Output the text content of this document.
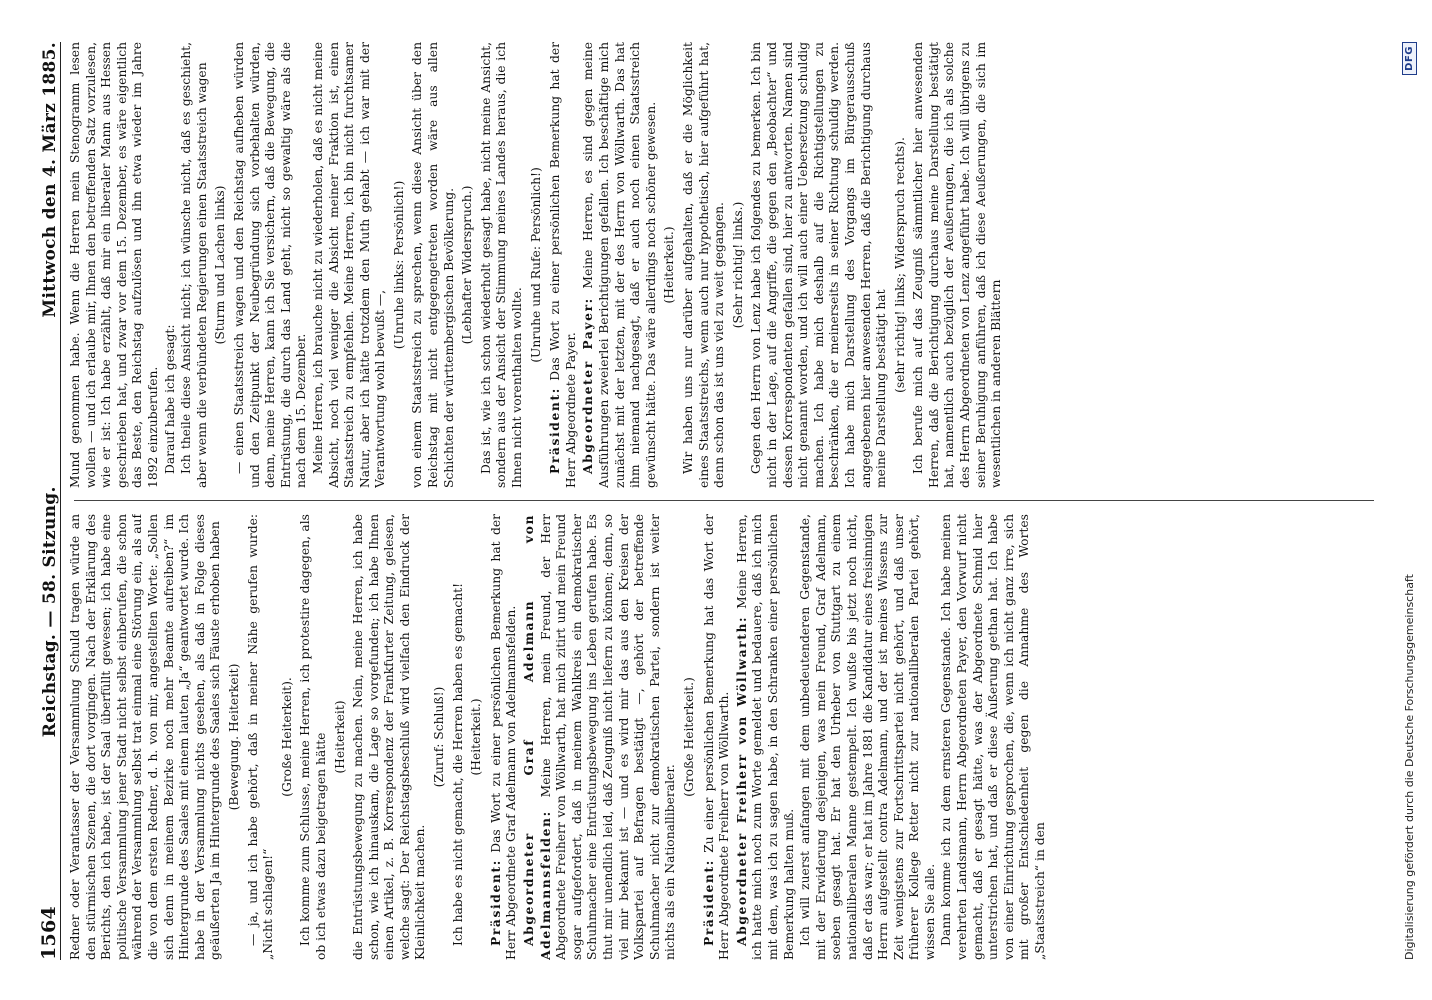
1564
Reichstag. — 58. Sitzung.
Mittwoch den 4. März 1885.

Redner oder Verantasser der Versammlung Schuld tragen würde an den stürmischen Szenen, die dort vorgingen. Nach der Erklärung des Berichts, den ich habe, ist der Saal überfüllt gewesen; ich habe eine politische Versammlung jener Stadt nicht selbst einberufen, die schon während der Versammlung selbst trat einmal eine Störung ein, als auf die von dem ersten Redner, d. h. von mir, angestellten Worte: „Sollen sich denn in meinem Bezirke noch mehr Beamte aufreiben?“ im Hintergrunde des Saales mit einem lauten „Ja“ geantwortet wurde. Ich habe in der Versammlung nichts gesehen, als daß in Folge dieses geäußerten Ja im Hintergrunde des Saales sich Fäuste erhoben haben (Bewegung. Heiterkeit) — ja, und ich habe gehört, daß in meiner Nähe gerufen wurde: „Nicht schlagen!“

(Große Heiterkeit). Ich komme zum Schlusse, meine Herren, ich protestire dagegen, als ob ich etwas dazu beigetragen hätte (Heiterkeit) die Entrüstungsbewegung zu machen. Nein, meine Herren, ich habe schon, wie ich hinauskam, die Lage so vorgefunden; ich habe Ihnen einen Artikel, z. B. Korrespondenz der Frankfurter Zeitung, gelesen, welche sagt: Der Reichstagsbeschluß wird vielfach den Eindruck der Kleinlichkeit machen.

(Zuruf: Schluß!) Ich habe es nicht gemacht, die Herren haben es gemacht! (Heiterkeit.)

Präsident: Das Wort zu einer persönlichen Bemerkung hat der Herr Abgeordnete Graf Adelmann von Adelmannsfelden. Abgeordneter Graf Adelmann von Adelmannsfelden: Meine Herren, mein Freund, der Herr Abgeordnete Freiherr von Wöllwarth, hat mich zitirt und mein Freund sogar aufgefordert, daß in meinem Wahlkreis ein demokratischer Schuhmacher eine Entrüstungsbewegung ins Leben gerufen habe. Es thut mir unendlich leid, daß Zeugniß nicht liefern zu können; denn, so viel mir bekannt ist — und es wird mir das aus den Kreisen der Volkspartei auf Befragen bestätigt —, gehört der betreffende Schuhmacher nicht zur demokratischen Partei, sondern ist weiter nichts als ein Nationalliberaler.

(Große Heiterkeit.)

Präsident: Zu einer persönlichen Bemerkung hat das Wort der Herr Abgeordnete Freiherr von Wöllwarth. Abgeordneter Freiherr von Wöllwarth: Meine Herren, ich hatte mich noch zum Worte gemeldet und bedauere, daß ich mich mit dem, was ich zu sagen habe, in den Schranken einer persönlichen Bemerkung halten muß. Ich will zuerst anfangen mit dem unbedeutenderen Gegenstande, mit der Erwiderung desjenigen, was mein Freund, Graf Adelmann, soeben gesagt hat. Er hat den Urheber von Stuttgart zu einem nationalliberalen Manne gestempelt. Ich wußte bis jetzt noch nicht, daß er das war; er hat im Jahre 1881 die Kandidatur eines freisinnigen Herrn aufgestellt contra Adelmann, und der ist meines Wissens zur Zeit wenigstens zur Fortschrittspartei nicht gehört, und daß unser früherer Kollege Retter nicht zur nationalliberalen Partei gehört, wissen Sie alle. Dann komme ich zu dem ernsteren Gegenstande. Ich habe meinen verehrten Landsmann, Herrn Abgeordneten Payer, den Vorwurf nicht gemacht, daß er gesagt hätte, was der Abgeordnete Schmid hier unterstrichen hat, und daß er diese Äußerung gethan hat. Ich habe von einer Einrichtung gesprochen, die, wenn ich nicht ganz irre, sich mit großer Entschiedenheit gegen die Annahme des Wortes „Staatsstreich“ in den

Mund genommen habe. Wenn die Herren mein Stenogramm lesen wollen — und ich erlaube mir, Ihnen den betreffenden Satz vorzulesen, wie er ist: Ich habe erzählt, daß mir ein liberaler Mann aus Hessen geschrieben hat, und zwar vor dem 15. Dezember, es wäre eigentlich das Beste, den Reichstag aufzulösen und ihn etwa wieder im Jahre 1892 einzuberufen. Darauf habe ich gesagt: Ich theile diese Ansicht nicht; ich wünsche nicht, daß es geschieht, aber wenn die verbündeten Regierungen einen Staatsstreich wagen (Sturm und Lachen links) — einen Staatsstreich wagen und den Reichstag aufheben würden und den Zeitpunkt der Neubegründung sich vorbehalten würden, denn, meine Herren, kann ich Sie versichern, daß die Bewegung, die Entrüstung, die durch das Land geht, nicht so gewaltig wäre als die nach dem 15. Dezember. Meine Herren, ich brauche nicht zu wiederholen, daß es nicht meine Absicht, noch viel weniger die Absicht meiner Fraktion ist, einen Staatsstreich zu empfehlen. Meine Herren, ich bin nicht furchtsamer Natur, aber ich hätte trotzdem den Muth gehabt — ich war mit der Verantwortung wohl bewußt —,

(Unruhe links: Persönlich!) von einem Staatsstreich zu sprechen, wenn diese Ansicht über den Reichstag mit nicht entgegengetreten worden wäre aus allen Schichten der württembergischen Bevölkerung. (Lebhafter Widerspruch.) Das ist, wie ich schon wiederholt gesagt habe, nicht meine Ansicht, sondern aus der Ansicht der Stimmung meines Landes heraus, die ich Ihnen nicht vorenthalten wollte.

(Unruhe und Rufe: Persönlich!)

Präsident: Das Wort zu einer persönlichen Bemerkung hat der Herr Abgeordnete Payer. Abgeordneter Payer: Meine Herren, es sind gegen meine Ausführungen zweierlei Berichtigungen gefallen. Ich beschäftige mich zunächst mit der letzten, mit der des Herrn von Wöllwarth. Das hat ihm niemand nachgesagt, daß er auch noch einen Staatsstreich gewünscht hätte. Das wäre allerdings noch schöner gewesen. (Heiterkeit.) Wir haben uns nur darüber aufgehalten, daß er die Möglichkeit eines Staatsstreichs, wenn auch nur hypothetisch, hier aufgeführt hat, denn schon das ist uns viel zu weit gegangen. (Sehr richtig! links.) Gegen den Herrn von Lenz habe ich folgendes zu bemerken. Ich bin nicht in der Lage, auf die Angriffe, die gegen den „Beobachter“ und dessen Korrespondenten gefallen sind, hier zu antworten. Namen sind nicht genannt worden, und ich will auch einer Uebersetzung schuldig machen. Ich habe mich deshalb auf die Richtigstellungen zu beschränken, die er meinerseits in seiner Richtung schuldig werden. Ich habe mich Darstellung des Vorgangs im Bürgerausschuß angegebenen hier anwesenden Herren, daß die Berichtigung durchaus meine Darstellung bestätigt hat (sehr richtig! links; Widerspruch rechts). Ich berufe mich auf das Zeugniß sämmtlicher hier anwesenden Herren, daß die Berichtigung durchaus meine Darstellung bestätigt hat, namentlich auch bezüglich der Aeußerungen, die ich als solche des Herrn Abgeordneten von Lenz angeführt habe. Ich will übrigens zu seiner Beruhigung anführen, daß ich diese Aeußerungen, die sich im wesentlichen in anderen Blättern

Digitalisierung gefördert durch die Deutsche Forschungsgemeinschaft
DFG
